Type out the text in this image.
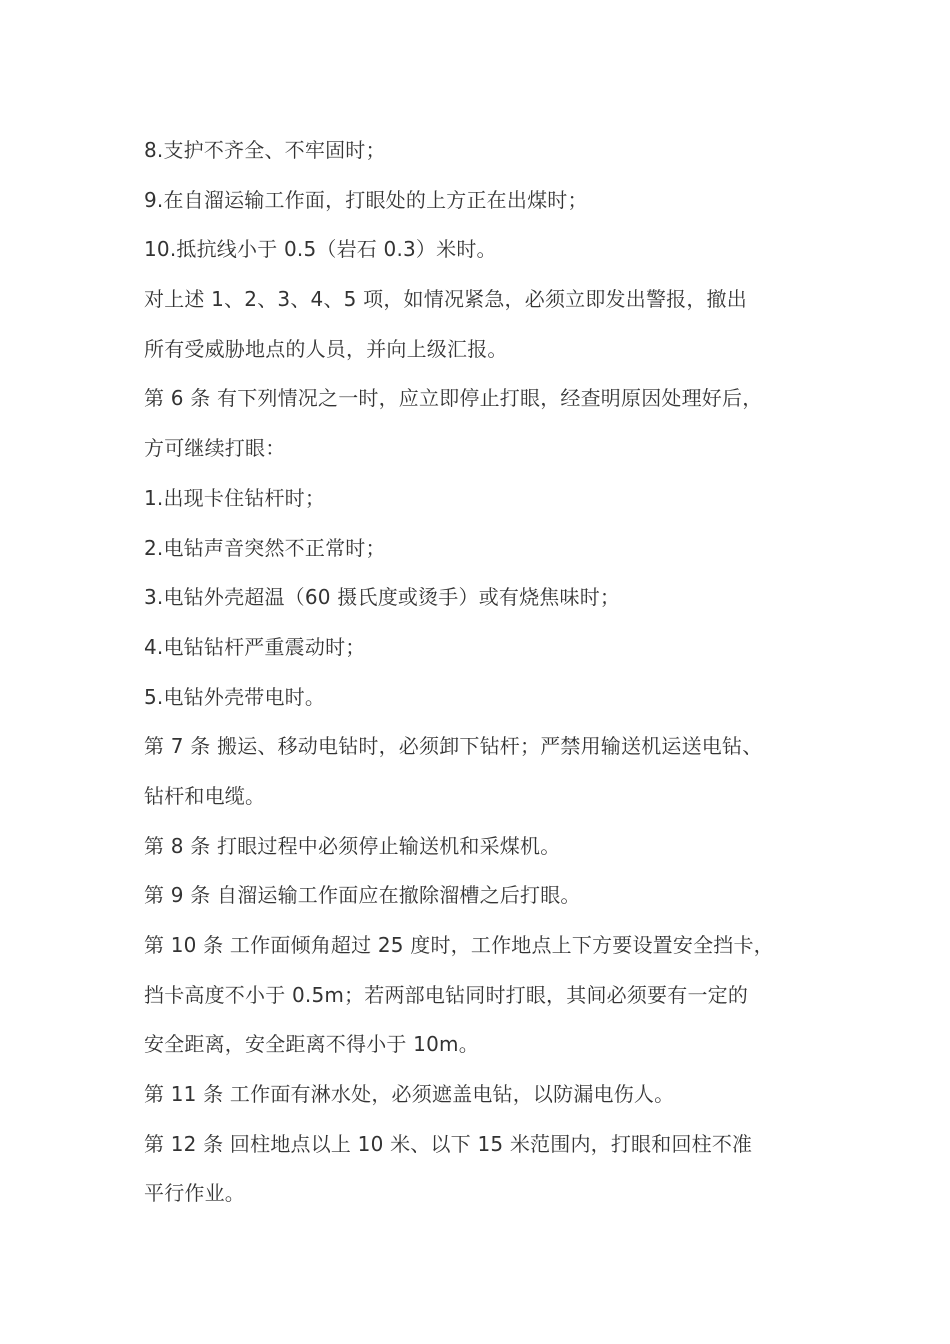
8.支护不齐全、不牢固时；
9.在自溜运输工作面，打眼处的上方正在出煤时；
10.抵抗线小于 0.5（岩石 0.3）米时。
对上述 1、2、3、4、5 项，如情况紧急，必须立即发出警报，撤出
所有受威胁地点的人员，并向上级汇报。
第 6 条 有下列情况之一时，应立即停止打眼，经查明原因处理好后，
方可继续打眼：
1.出现卡住钻杆时；
2.电钻声音突然不正常时；
3.电钻外壳超温（60 摄氏度或烫手）或有烧焦味时；
4.电钻钻杆严重震动时；
5.电钻外壳带电时。
第 7 条 搬运、移动电钻时，必须卸下钻杆；严禁用输送机运送电钻、
钻杆和电缆。
第 8 条 打眼过程中必须停止输送机和采煤机。
第 9 条 自溜运输工作面应在撤除溜槽之后打眼。
第 10 条 工作面倾角超过 25 度时，工作地点上下方要设置安全挡卡，
挡卡高度不小于 0.5m；若两部电钻同时打眼，其间必须要有一定的
安全距离，安全距离不得小于 10m。
第 11 条 工作面有淋水处，必须遮盖电钻，以防漏电伤人。
第 12 条 回柱地点以上 10 米、以下 15 米范围内，打眼和回柱不准
平行作业。
